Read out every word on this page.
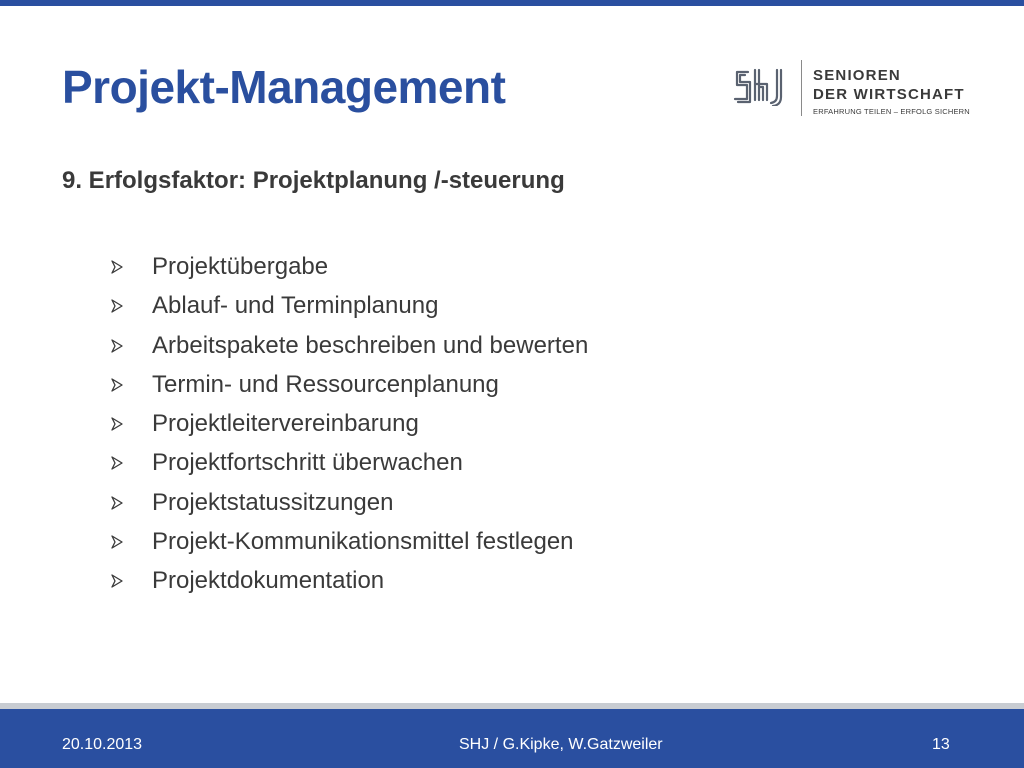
Projekt-Management	SENIOREN
DER WIRTSCHAFT
ERFAHRUNG TEILEN – ERFOLG SICHERN
9. Erfolgsfaktor: Projektplanung /-steuerung
Projektübergabe
Ablauf- und Terminplanung
Arbeitspakete beschreiben und bewerten
Termin- und Ressourcenplanung
Projektleitervereinbarung
Projektfortschritt überwachen
Projektstatussitzungen
Projekt-Kommunikationsmittel festlegen
Projektdokumentation
20.10.2013	SHJ / G.Kipke, W.Gatzweiler	13
